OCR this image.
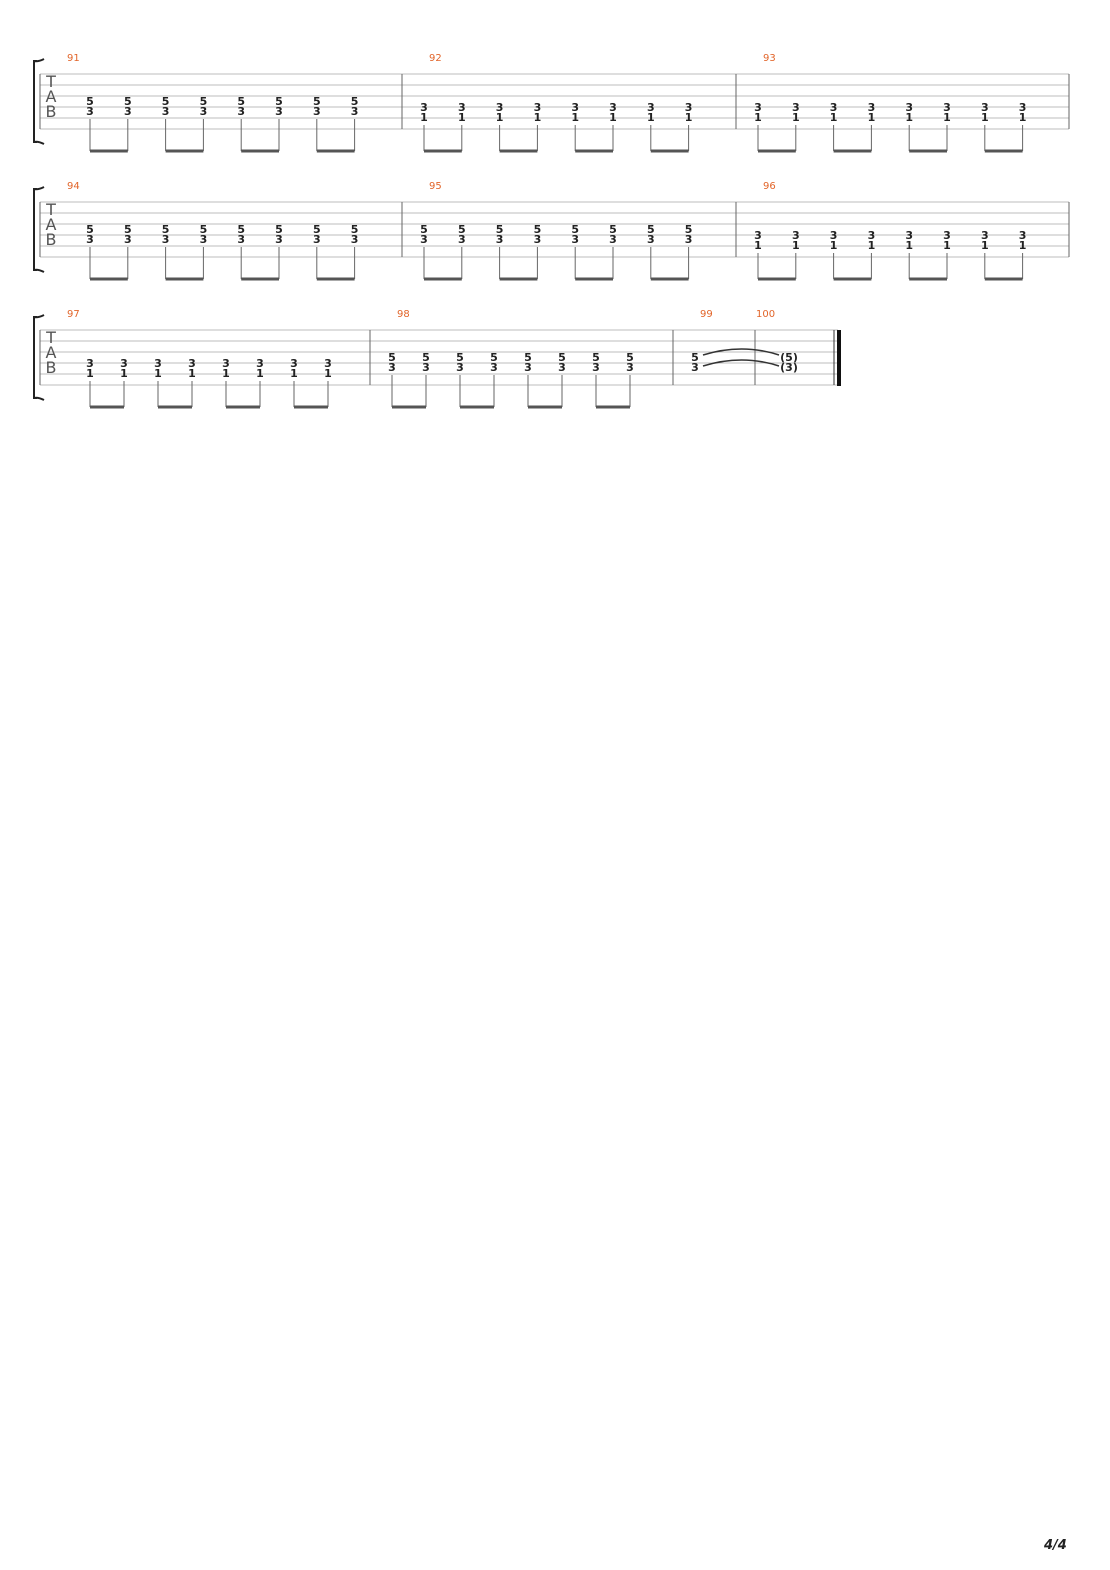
T
A
B
91
5
3
5
3
5
3
5
3
5
3
5
3
5
3
5
3
92
3
1
3
1
3
1
3
1
3
1
3
1
3
1
3
1
93
3
1
3
1
3
1
3
1
3
1
3
1
3
1
3
1
T
A
B
94
5
3
5
3
5
3
5
3
5
3
5
3
5
3
5
3
95
5
3
5
3
5
3
5
3
5
3
5
3
5
3
5
3
96
3
1
3
1
3
1
3
1
3
1
3
1
3
1
3
1
T
A
B
97
3
1
3
1
3
1
3
1
3
1
3
1
3
1
3
1
98
5
3
5
3
5
3
5
3
5
3
5
3
5
3
5
3
99
5
3
100
(5)
(3)
4/4
